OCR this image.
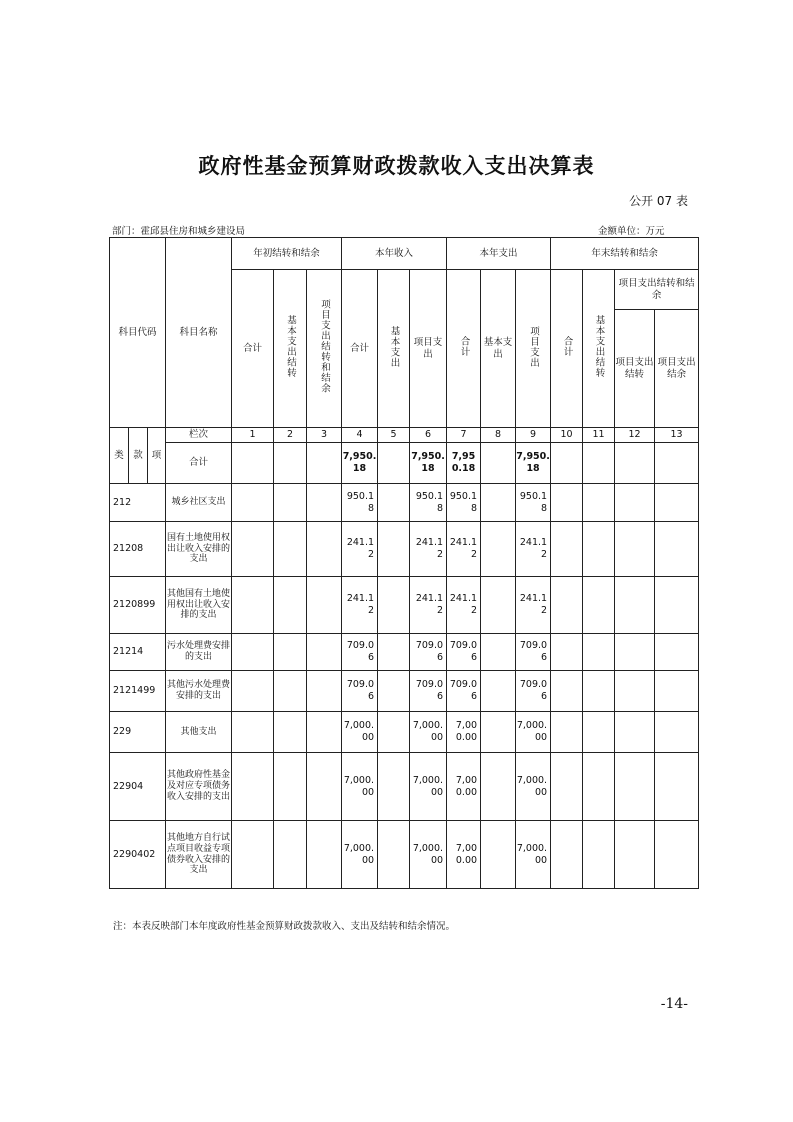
政府性基金预算财政拨款收入支出决算表
公开 07 表
部门：霍邱县住房和城乡建设局	金额单位：万元
科目代码			科目名称	年初结转和结余			本年收入			本年支出			年末结转和结余			
				合计	基本支出结转	项目支出结转和结余	合计	基本支出	项目支出	合计	基本支出	项目支出	合计	基本支出结转	项目支出结转和结余	

															项目支出结转	项目支出结余

类	款	项	栏次	1	2	3	4	5	6	7	8	9	10	11	12	13
			合计				7,950.18		7,950.18	7,950.18		7,950.18				

212			城乡社区支出				950.18		950.18	950.18		950.18				

21208			国有土地使用权出让收入安排的支出				241.12		241.12	241.12		241.12				

2120899			其他国有土地使用权出让收入安排的支出				241.12		241.12	241.12		241.12				

21214			污水处理费安排的支出				709.06		709.06	709.06		709.06				

2121499			其他污水处理费安排的支出				709.06		709.06	709.06		709.06				

229			其他支出				7,000.00		7,000.00	7,000.00		7,000.00				

22904			其他政府性基金及对应专项债务收入安排的支出				7,000.00		7,000.00	7,000.00		7,000.00				

2290402			其他地方自行试点项目收益专项债券收入安排的支出				7,000.00		7,000.00	7,000.00		7,000.00				

注：本表反映部门本年度政府性基金预算财政拨款收入、支出及结转和结余情况。
-14-
